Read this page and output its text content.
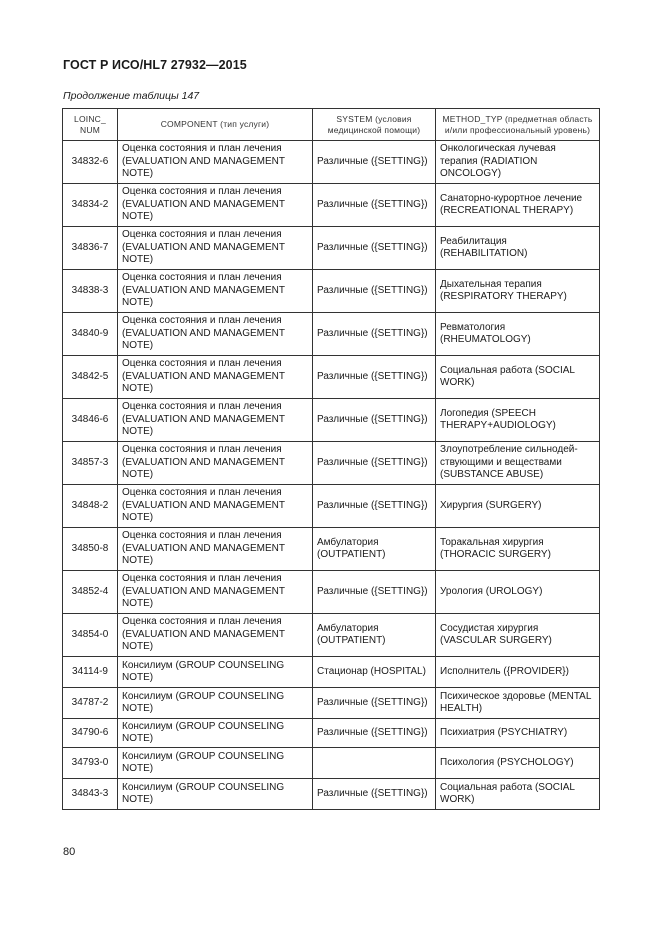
ГОСТ Р ИСО/HL7 27932—2015
Продолжение таблицы 147
LOINC_ NUM	COMPONENT (тип услуги)	SYSTEM (условия медицинской помощи)	METHOD_TYP (предметная область и/или профессиональный уровень)
34832-6	Оценка состояния и план лечения (EVALUATION AND MANAGEMENT NOTE)	Различные ({SETTING})	Онкологическая лучевая терапия (RADIATION ONCOLOGY)
34834-2	Оценка состояния и план лечения (EVALUATION AND MANAGEMENT NOTE)	Различные ({SETTING})	Санаторно-курортное лечение (RECREATIONAL THERAPY)
34836-7	Оценка состояния и план лечения (EVALUATION AND MANAGEMENT NOTE)	Различные ({SETTING})	Реабилитация (REHABILITATION)
34838-3	Оценка состояния и план лечения (EVALUATION AND MANAGEMENT NOTE)	Различные ({SETTING})	Дыхательная терапия (RESPIRATORY THERAPY)
34840-9	Оценка состояния и план лечения (EVALUATION AND MANAGEMENT NOTE)	Различные ({SETTING})	Ревматология (RHEUMATOLOGY)
34842-5	Оценка состояния и план лечения (EVALUATION AND MANAGEMENT NOTE)	Различные ({SETTING})	Социальная работа (SOCIAL WORK)
34846-6	Оценка состояния и план лечения (EVALUATION AND MANAGEMENT NOTE)	Различные ({SETTING})	Логопедия (SPEECH THERAPY+AUDIOLOGY)
34857-3	Оценка состояния и план лечения (EVALUATION AND MANAGEMENT NOTE)	Различные ({SETTING})	Злоупотребление сильнодей-ствующими и веществами (SUBSTANCE ABUSE)
34848-2	Оценка состояния и план лечения (EVALUATION AND MANAGEMENT NOTE)	Различные ({SETTING})	Хирургия (SURGERY)
34850-8	Оценка состояния и план лечения (EVALUATION AND MANAGEMENT NOTE)	Амбулатория (OUTPATIENT)	Торакальная хирургия (THORACIC SURGERY)
34852-4	Оценка состояния и план лечения (EVALUATION AND MANAGEMENT NOTE)	Различные ({SETTING})	Урология (UROLOGY)
34854-0	Оценка состояния и план лечения (EVALUATION AND MANAGEMENT NOTE)	Амбулатория (OUTPATIENT)	Сосудистая хирургия (VASCULAR SURGERY)
34114-9	Консилиум (GROUP COUNSELING NOTE)	Стационар (HOSPITAL)	Исполнитель ({PROVIDER})
34787-2	Консилиум (GROUP COUNSELING NOTE)	Различные ({SETTING})	Психическое здоровье (MENTAL HEALTH)
34790-6	Консилиум (GROUP COUNSELING NOTE)	Различные ({SETTING})	Психиатрия (PSYCHIATRY)
34793-0	Консилиум (GROUP COUNSELING NOTE)		Психология (PSYCHOLOGY)
34843-3	Консилиум (GROUP COUNSELING NOTE)	Различные ({SETTING})	Социальная работа (SOCIAL WORK)
80
